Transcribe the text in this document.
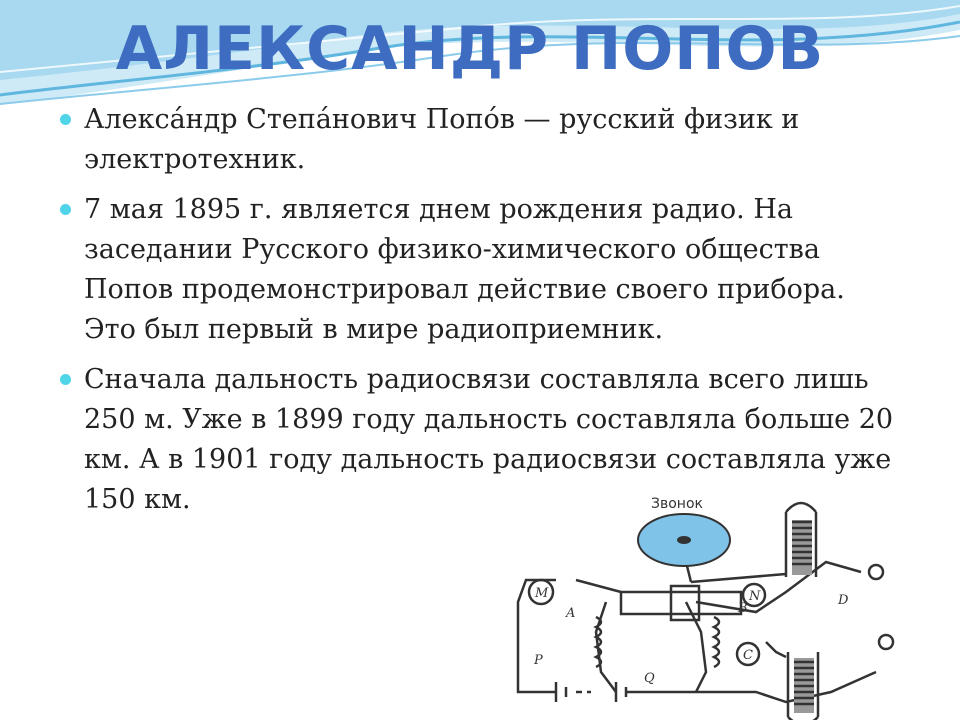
АЛЕКСАНДР ПОПОВ
Алекса́ндр Степа́нович Попо́в — русский физик и электротехник.
7 мая 1895 г. является днем рождения радио. На заседании Русского физико-химического общества Попов продемонстрировал действие своего прибора. Это был первый в мире радиоприемник.
Сначала дальность радиосвязи составляла всего лишь 250 м. Уже в 1899 году дальность составляла больше 20 км. А в 1901 году дальность радиосвязи составляла уже 150 км.	Звонок
M
A	B
N	D
C
P
Q
